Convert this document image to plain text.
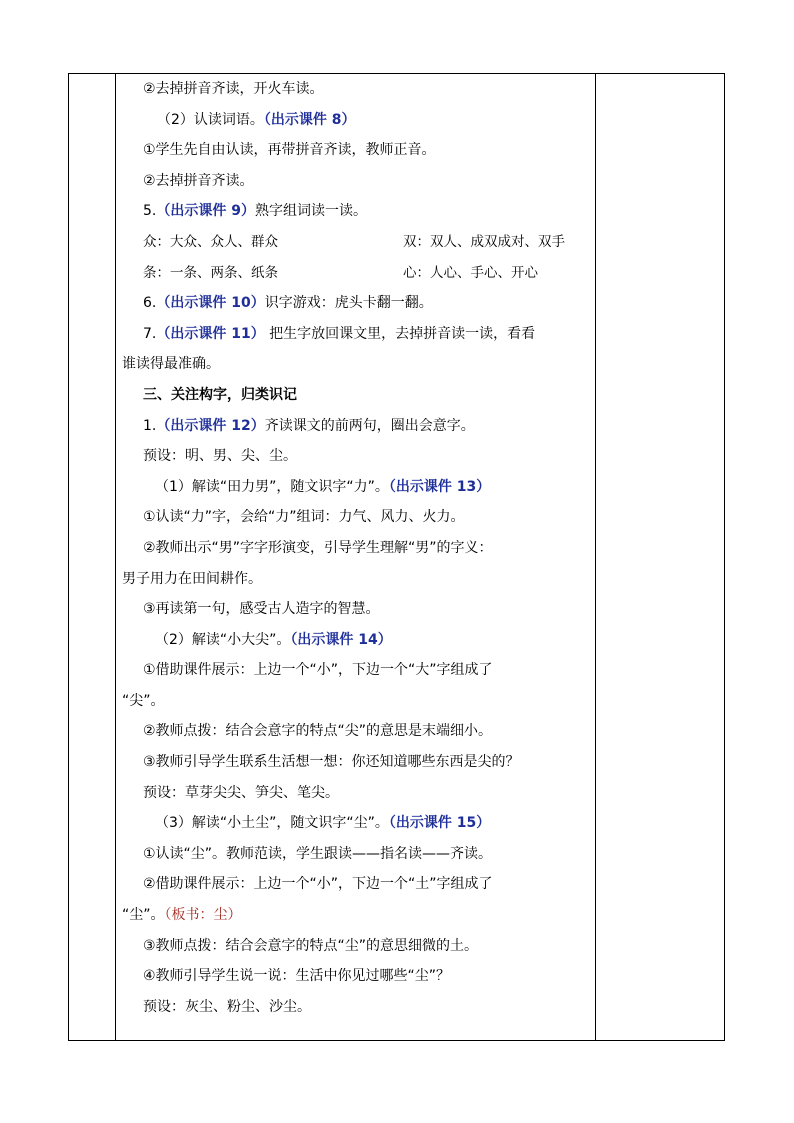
②去掉拼音齐读，开火车读。
（2）认读词语。（出示课件 8）
①学生先自由认读，再带拼音齐读，教师正音。
②去掉拼音齐读。
5.（出示课件 9）熟字组词读一读。
众：大众、众人、群众	双：双人、成双成对、双手
条：一条、两条、纸条	心：人心、手心、开心
6.（出示课件 10）识字游戏：虎头卡翻一翻。
7.（出示课件 11） 把生字放回课文里，去掉拼音读一读，看看
谁读得最准确。
三、关注构字，归类识记
1.（出示课件 12）齐读课文的前两句，圈出会意字。
预设：明、男、尖、尘。
（1）解读“田力男”，随文识字“力”。（出示课件 13）
①认读“力”字，会给“力”组词：力气、风力、火力。
②教师出示“男”字字形演变，引导学生理解“男”的字义：
男子用力在田间耕作。
③再读第一句，感受古人造字的智慧。
（2）解读“小大尖”。（出示课件 14）
①借助课件展示：上边一个“小”，下边一个“大”字组成了
“尖”。
②教师点拨：结合会意字的特点“尖”的意思是末端细小。
③教师引导学生联系生活想一想：你还知道哪些东西是尖的？
预设：草芽尖尖、笋尖、笔尖。
（3）解读“小土尘”，随文识字“尘”。（出示课件 15）
①认读“尘”。教师范读，学生跟读——指名读——齐读。
②借助课件展示：上边一个“小”，下边一个“土”字组成了
“尘”。（板书：尘）
③教师点拨：结合会意字的特点“尘”的意思细微的土。
④教师引导学生说一说：生活中你见过哪些“尘”？
预设：灰尘、粉尘、沙尘。
